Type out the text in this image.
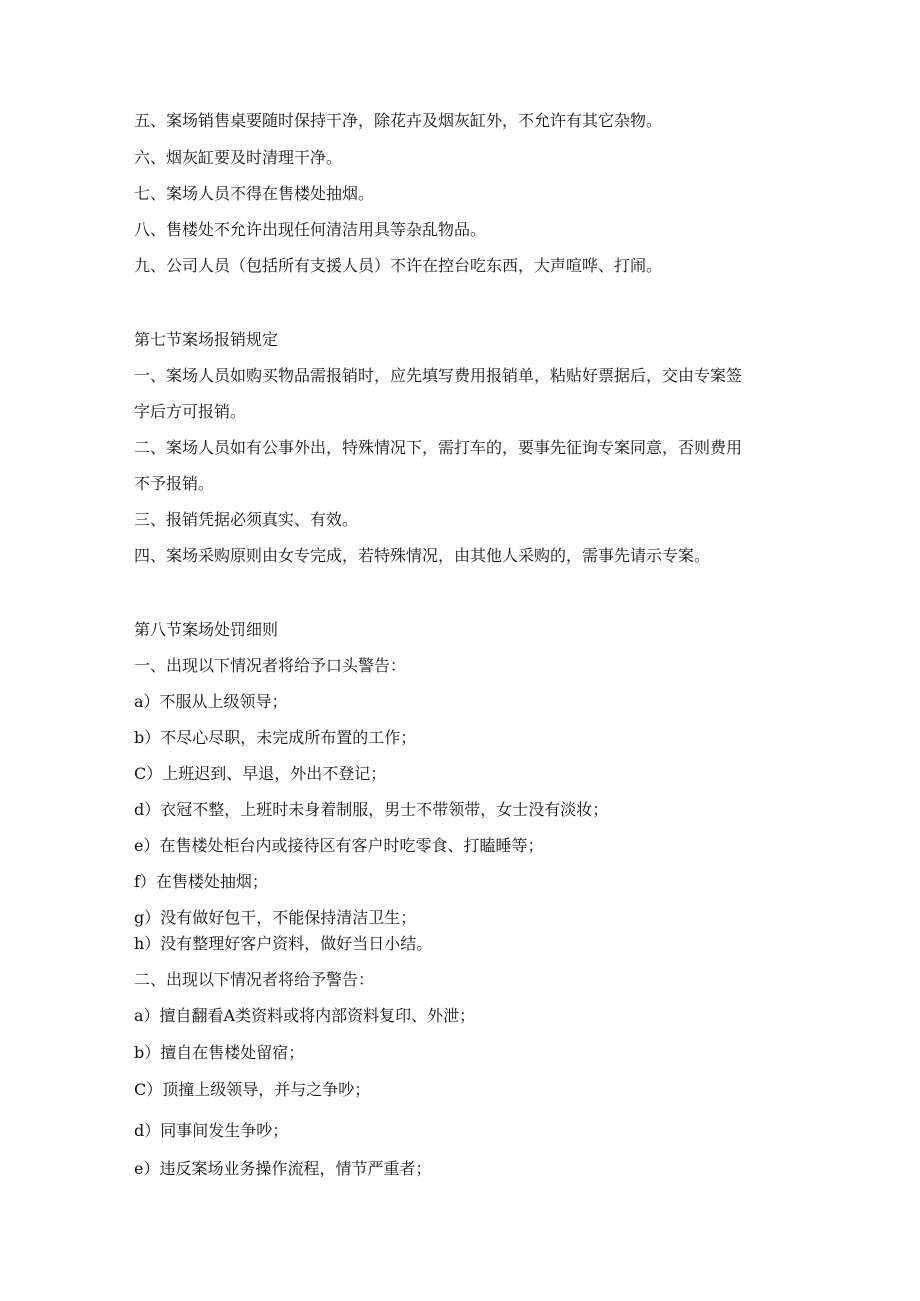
五、案场销售桌要随时保持干净，除花卉及烟灰缸外，不允许有其它杂物。
六、烟灰缸要及时清理干净。
七、案场人员不得在售楼处抽烟。
八、售楼处不允许出现任何清洁用具等杂乱物品。
九、公司人员（包括所有支援人员）不许在控台吃东西，大声喧哗、打闹。
第七节案场报销规定
一、案场人员如购买物品需报销时，应先填写费用报销单，粘贴好票据后，交由专案签
字后方可报销。
二、案场人员如有公事外出，特殊情况下，需打车的，要事先征询专案同意，否则费用
不予报销。
三、报销凭据必须真实、有效。
四、案场采购原则由女专完成，若特殊情况，由其他人采购的，需事先请示专案。
第八节案场处罚细则
一、出现以下情况者将给予口头警告：
a）不服从上级领导；
b）不尽心尽职，未完成所布置的工作；
C）上班迟到、早退，外出不登记；
d）衣冠不整，上班时未身着制服，男士不带领带，女士没有淡妆；
e）在售楼处柜台内或接待区有客户时吃零食、打瞌睡等；
f）在售楼处抽烟；
g）没有做好包干，不能保持清洁卫生；
h）没有整理好客户资料，做好当日小结。
二、出现以下情况者将给予警告：
a）擅自翻看A类资料或将内部资料复印、外泄；
b）擅自在售楼处留宿；
C）顶撞上级领导，并与之争吵；
d）同事间发生争吵；
e）违反案场业务操作流程，情节严重者；
